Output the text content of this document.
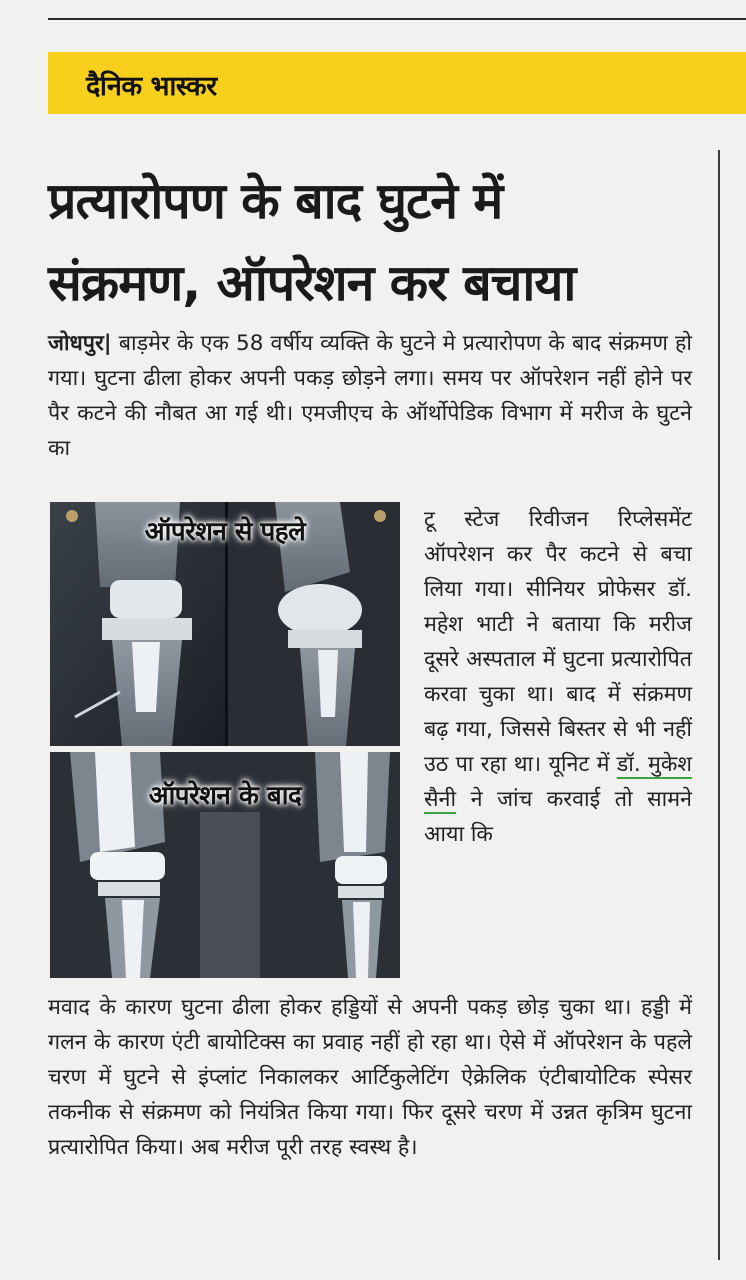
दैनिक भास्कर
प्रत्यारोपण के बाद घुटने में
संक्रमण, ऑपरेशन कर बचाया

जोधपुर| बाड़मेर के एक 58 वर्षीय व्यक्ति के घुटने मे प्रत्यारोपण के बाद संक्रमण हो गया। घुटना ढीला होकर अपनी पकड़ छोड़ने लगा। समय पर ऑपरेशन नहीं होने पर पैर कटने की नौबत आ गई थी। एमजीएच के ऑर्थोपेडिक विभाग में मरीज के घुटने का

ऑपरेशन से पहले
ऑपरेशन के बाद

टू स्टेज रिवीजन रिप्लेसमेंट ऑपरेशन कर पैर कटने से बचा लिया गया। सीनियर प्रोफेसर डॉ. महेश भाटी ने बताया कि मरीज दूसरे अस्पताल में घुटना प्रत्यारोपित करवा चुका था। बाद में संक्रमण बढ़ गया, जिससे बिस्तर से भी नहीं उठ पा रहा था। यूनिट में डॉ. मुकेश सैनी ने जांच करवाई तो सामने आया कि

मवाद के कारण घुटना ढीला होकर हड्डियों से अपनी पकड़ छोड़ चुका था। हड्डी में गलन के कारण एंटी बायोटिक्स का प्रवाह नहीं हो रहा था। ऐसे में ऑपरेशन के पहले चरण में घुटने से इंप्लांट निकालकर आर्टिकुलेटिंग ऐक्रेलिक एंटीबायोटिक स्पेसर तकनीक से संक्रमण को नियंत्रित किया गया। फिर दूसरे चरण में उन्नत कृत्रिम घुटना प्रत्यारोपित किया। अब मरीज पूरी तरह स्वस्थ है।
